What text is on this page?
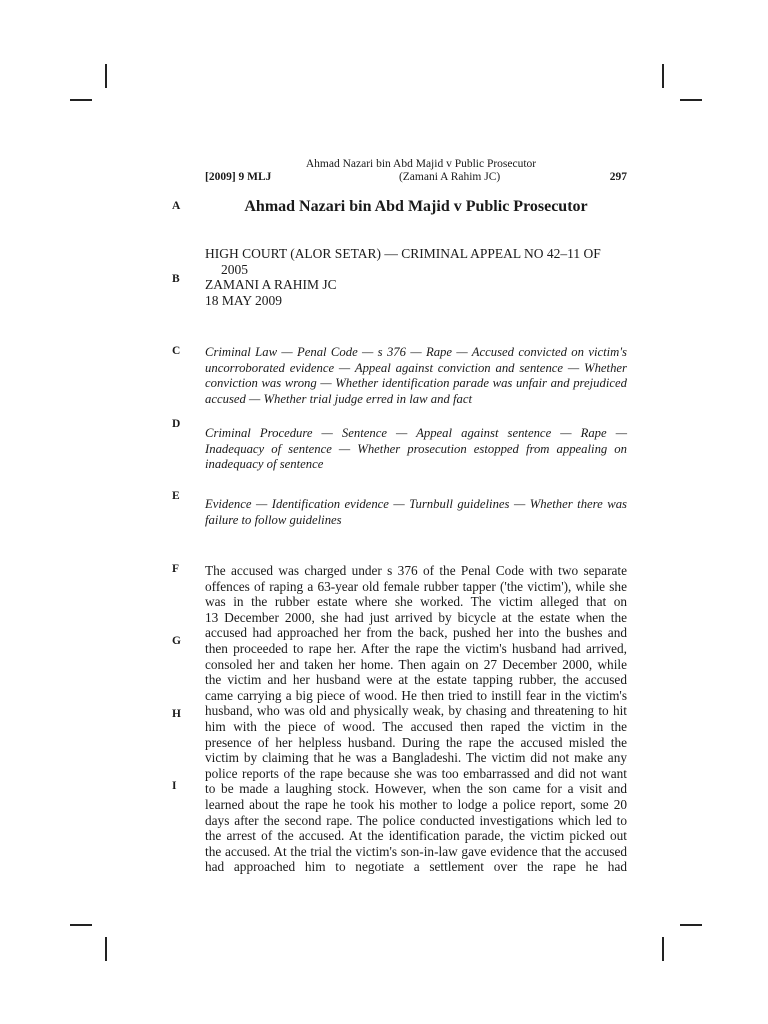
Ahmad Nazari bin Abd Majid v Public Prosecutor
[2009] 9 MLJ	(Zamani A Rahim JC)	297
A
B
C
D
E
F
G
H
I
Ahmad Nazari bin Abd Majid v Public Prosecutor
HIGH COURT (ALOR SETAR) — CRIMINAL APPEAL NO 42–11 OF
2005
ZAMANI A RAHIM JC
18 MAY 2009
Criminal Law — Penal Code — s 376 — Rape — Accused convicted on victim's uncorroborated evidence — Appeal against conviction and sentence — Whether conviction was wrong — Whether identification parade was unfair and prejudiced accused — Whether trial judge erred in law and fact
Criminal Procedure — Sentence — Appeal against sentence — Rape — Inadequacy of sentence — Whether prosecution estopped from appealing on inadequacy of sentence
Evidence — Identification evidence — Turnbull guidelines — Whether there was failure to follow guidelines
The accused was charged under s 376 of the Penal Code with two separate
offences of raping a 63-year old female rubber tapper ('the victim'), while she
was in the rubber estate where she worked. The victim alleged that on
13 December 2000, she had just arrived by bicycle at the estate when the
accused had approached her from the back, pushed her into the bushes and
then proceeded to rape her. After the rape the victim's husband had arrived,
consoled her and taken her home. Then again on 27 December 2000, while
the victim and her husband were at the estate tapping rubber, the accused
came carrying a big piece of wood. He then tried to instill fear in the victim's
husband, who was old and physically weak, by chasing and threatening to hit
him with the piece of wood. The accused then raped the victim in the
presence of her helpless husband. During the rape the accused misled the
victim by claiming that he was a Bangladeshi. The victim did not make any
police reports of the rape because she was too embarrassed and did not want
to be made a laughing stock. However, when the son came for a visit and
learned about the rape he took his mother to lodge a police report, some 20
days after the second rape. The police conducted investigations which led to
the arrest of the accused. At the identification parade, the victim picked out
the accused. At the trial the victim's son-in-law gave evidence that the accused
had approached him to negotiate a settlement over the rape he had
